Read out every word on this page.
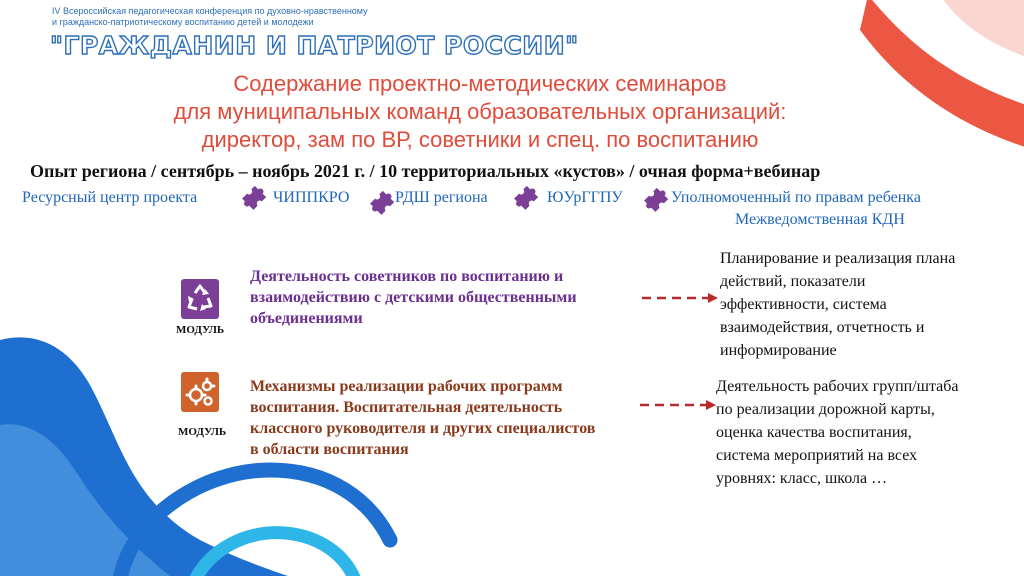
IV Всероссийская педагогическая конференция по духовно-нравственному
и гражданско-патриотическому воспитанию детей и молодежи
"ГРАЖДАНИН И ПАТРИОТ РОССИИ"
Содержание проектно-методических семинаров
для муниципальных команд образовательных организаций:
директор, зам по ВР, советники и спец. по воспитанию
Опыт региона / сентябрь – ноябрь 2021 г. / 10 территориальных «кустов» / очная форма+вебинар
Ресурсный центр проекта	ЧИППКРО	РДШ региона	ЮУрГГПУ	Уполномоченный по правам ребенка
Межведомственная КДН
МОДУЛЬ
Деятельность советников по воспитанию и
взаимодействию с детскими общественными
объединениями
Планирование и реализация плана
действий, показатели
эффективности, система
взаимодействия, отчетность и
информирование
МОДУЛЬ
Механизмы реализации рабочих программ
воспитания. Воспитательная деятельность
классного руководителя и других специалистов
в области воспитания
Деятельность рабочих групп/штаба
по реализации дорожной карты,
оценка качества воспитания,
система мероприятий на всех
уровнях: класс, школа …
